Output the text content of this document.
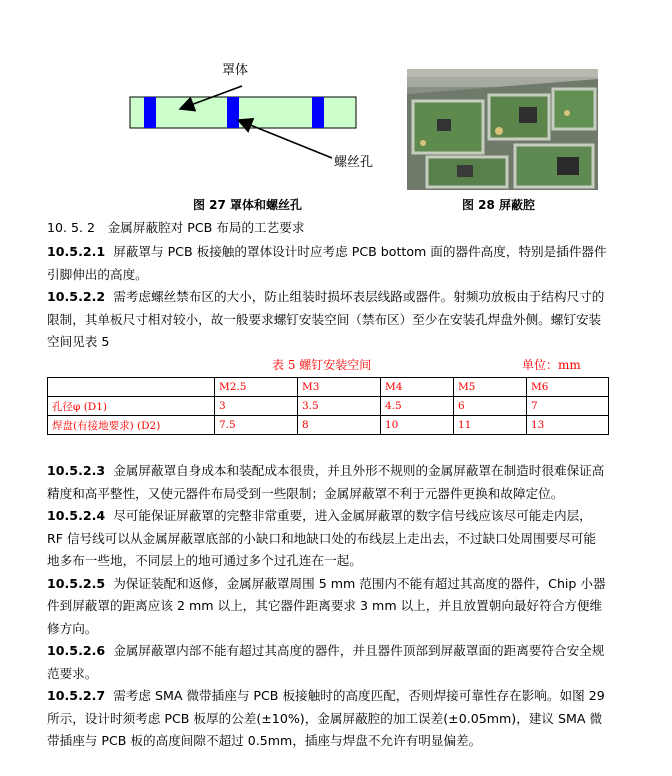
罩体
螺丝孔
图 27 罩体和螺丝孔	图 28 屏蔽腔
10. 5. 2　金属屏蔽腔对 PCB 布局的工艺要求

10.5.2.1 屏蔽罩与 PCB 板接触的罩体设计时应考虑 PCB bottom 面的器件高度，特别是插件器件引脚伸出的高度。

10.5.2.2 需考虑螺丝禁布区的大小，防止组装时损坏表层线路或器件。射频功放板由于结构尺寸的限制，其单板尺寸相对较小，故一般要求螺钉安装空间（禁布区）至少在安装孔焊盘外侧。螺钉安装空间见表 5

表 5 螺钉安装空间	单位：mm
	M2.5	M3	M4	M5	M6
孔径φ (D1)	3	3.5	4.5	6	7
焊盘(有接地要求) (D2)	7.5	8	10	11	13

10.5.2.3 金属屏蔽罩自身成本和装配成本很贵，并且外形不规则的金属屏蔽罩在制造时很难保证高精度和高平整性，又使元器件布局受到一些限制；金属屏蔽罩不利于元器件更换和故障定位。

10.5.2.4 尽可能保证屏蔽罩的完整非常重要，进入金属屏蔽罩的数字信号线应该尽可能走内层，RF 信号线可以从金属屏蔽罩底部的小缺口和地缺口处的布线层上走出去，不过缺口处周围要尽可能地多布一些地，不同层上的地可通过多个过孔连在一起。

10.5.2.5 为保证装配和返修，金属屏蔽罩周围 5 mm 范围内不能有超过其高度的器件，Chip 小器件到屏蔽罩的距离应该 2 mm 以上，其它器件距离要求 3 mm 以上，并且放置朝向最好符合方便维修方向。

10.5.2.6 金属屏蔽罩内部不能有超过其高度的器件，并且器件顶部到屏蔽罩面的距离要符合安全规范要求。

10.5.2.7 需考虑 SMA 微带插座与 PCB 板接触时的高度匹配，否则焊接可靠性存在影响。如图 29 所示，设计时须考虑 PCB 板厚的公差(±10%)，金属屏蔽腔的加工误差(±0.05mm)，建议 SMA 微带插座与 PCB 板的高度间隙不超过 0.5mm，插座与焊盘不允许有明显偏差。
